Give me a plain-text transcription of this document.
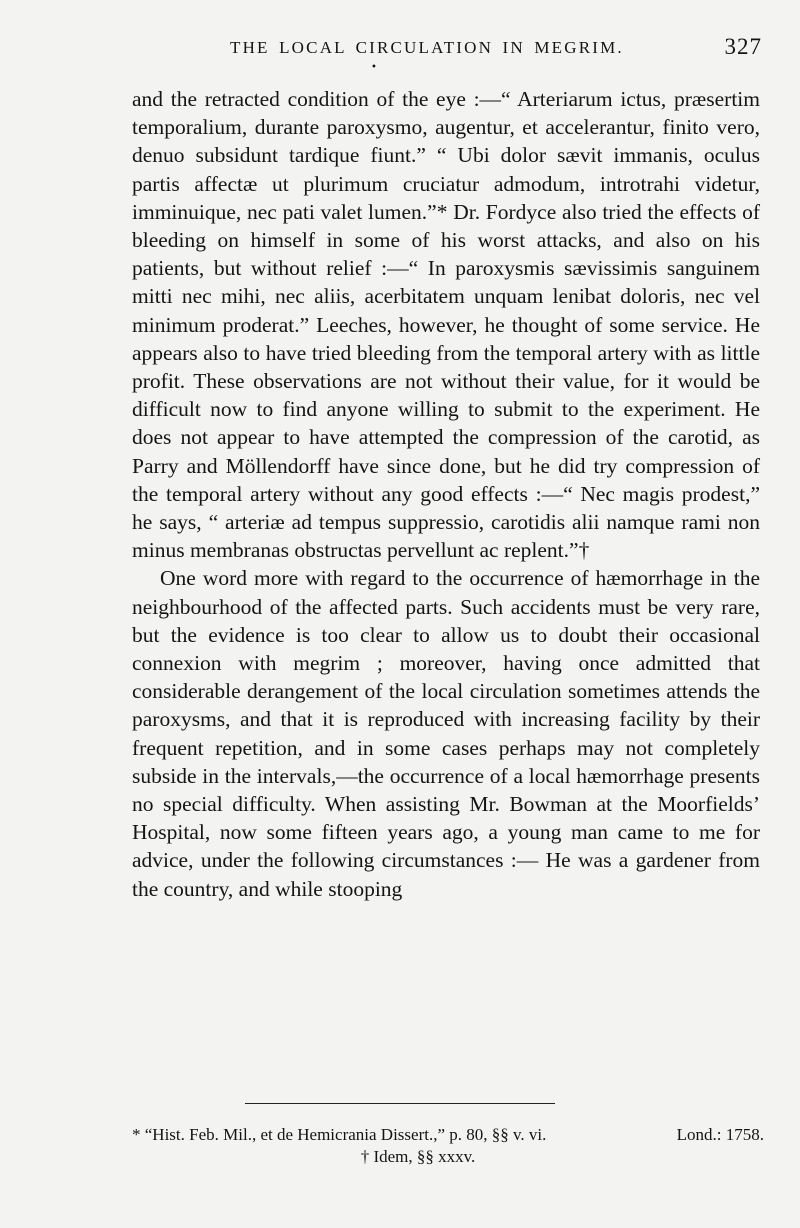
THE LOCAL CIRCULATION IN MEGRIM.	327
•

and the retracted condition of the eye :—“ Arteriarum ictus, præsertim temporalium, durante paroxysmo, augentur, et accelerantur, finito vero, denuo subsidunt tardique fiunt.” “ Ubi dolor sævit immanis, oculus partis affectæ ut plurimum cruciatur admodum, introtrahi videtur, imminuique, nec pati valet lumen.”* Dr. Fordyce also tried the effects of bleeding on himself in some of his worst attacks, and also on his patients, but without relief :—“ In paroxysmis sævissimis sanguinem mitti nec mihi, nec aliis, acerbitatem unquam lenibat doloris, nec vel minimum proderat.” Leeches, however, he thought of some service. He appears also to have tried bleeding from the temporal artery with as little profit. These observations are not without their value, for it would be difficult now to find anyone willing to submit to the experiment. He does not appear to have attempted the compression of the carotid, as Parry and Möllendorff have since done, but he did try compression of the temporal artery without any good effects :—“ Nec magis prodest,” he says, “ arteriæ ad tempus suppressio, carotidis alii namque rami non minus membranas obstructas pervellunt ac replent.”†

One word more with regard to the occurrence of hæmorrhage in the neighbourhood of the affected parts. Such accidents must be very rare, but the evidence is too clear to allow us to doubt their occasional connexion with megrim ; moreover, having once admitted that considerable derangement of the local circulation sometimes attends the paroxysms, and that it is reproduced with increasing facility by their frequent repetition, and in some cases perhaps may not completely subside in the intervals,—the occurrence of a local hæmorrhage presents no special difficulty. When assisting Mr. Bowman at the Moorfields’ Hospital, now some fifteen years ago, a young man came to me for advice, under the following circumstances :— He was a gardener from the country, and while stooping

* “Hist. Feb. Mil., et de Hemicrania Dissert.,” p. 80, §§ v. vi.	Lond.: 1758.
† Idem, §§ xxxv.
